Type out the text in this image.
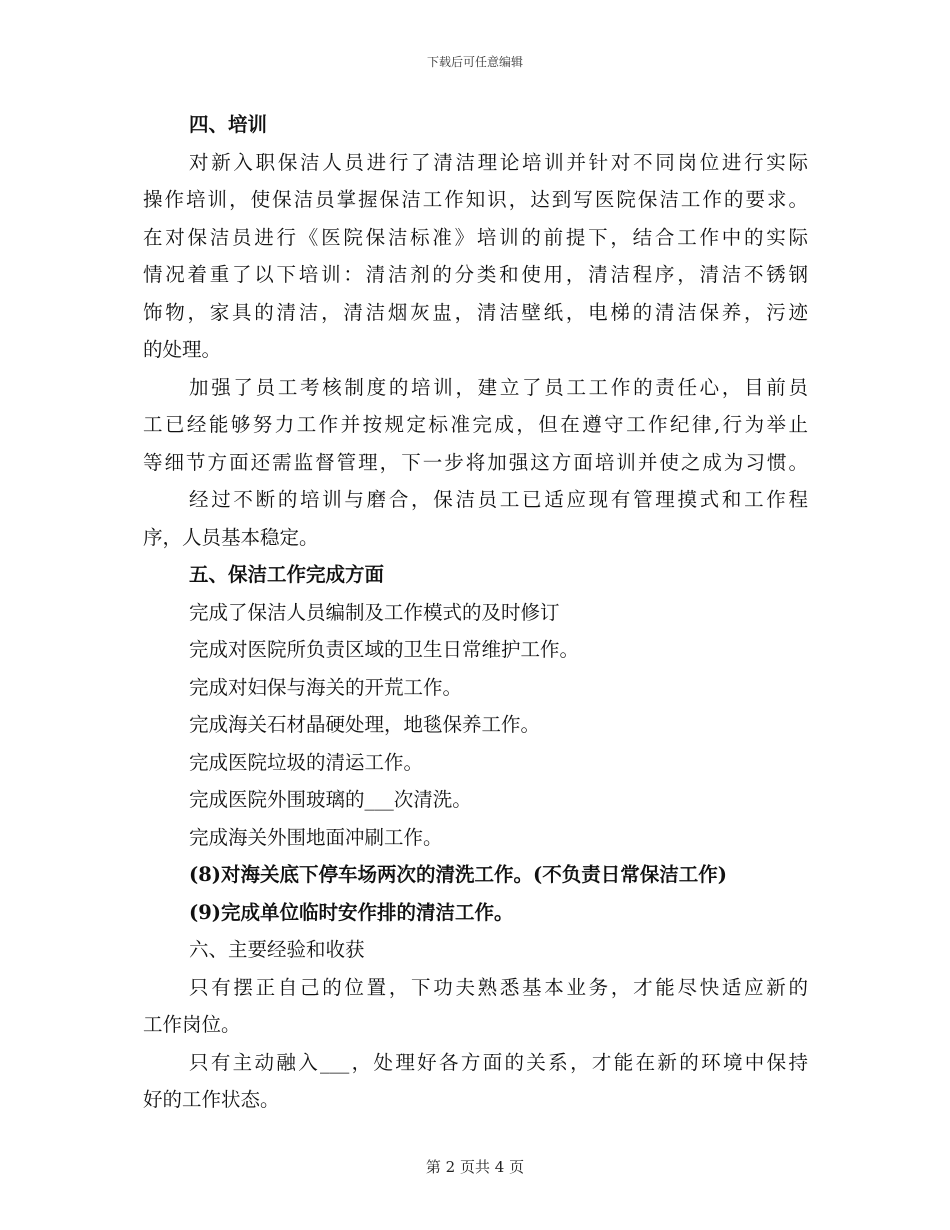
下载后可任意编辑
四、培训
对新入职保洁人员进行了清洁理论培训并针对不同岗位进行实际
操作培训，使保洁员掌握保洁工作知识，达到写医院保洁工作的要求。
在对保洁员进行《医院保洁标准》培训的前提下，结合工作中的实际
情况着重了以下培训：清洁剂的分类和使用，清洁程序，清洁不锈钢
饰物，家具的清洁，清洁烟灰盅，清洁壁纸，电梯的清洁保养，污迹
的处理。
加强了员工考核制度的培训，建立了员工工作的责任心，目前员
工已经能够努力工作并按规定标准完成，但在遵守工作纪律,行为举止
等细节方面还需监督管理，下一步将加强这方面培训并使之成为习惯。
经过不断的培训与磨合，保洁员工已适应现有管理摸式和工作程
序，人员基本稳定。
五、保洁工作完成方面
完成了保洁人员编制及工作模式的及时修订
完成对医院所负责区域的卫生日常维护工作。
完成对妇保与海关的开荒工作。
完成海关石材晶硬处理，地毯保养工作。
完成医院垃圾的清运工作。
完成医院外围玻璃的___次清洗。
完成海关外围地面冲刷工作。
(8)对海关底下停车场两次的清洗工作。(不负责日常保洁工作)
(9)完成单位临时安作排的清洁工作。
六、主要经验和收获
只有摆正自己的位置，下功夫熟悉基本业务，才能尽快适应新的
工作岗位。
只有主动融入___，处理好各方面的关系，才能在新的环境中保持
好的工作状态。
第 2 页共 4 页
